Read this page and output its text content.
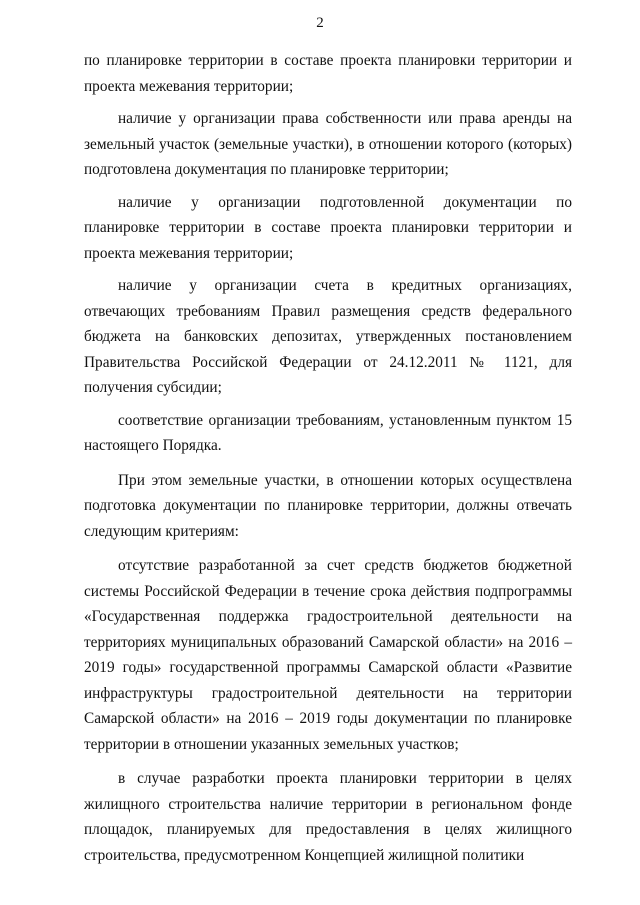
2

по планировке территории в составе проекта планировки территории и проекта межевания территории;

наличие у организации права собственности или права аренды на земельный участок (земельные участки), в отношении которого (которых) подготовлена документация по планировке территории;

наличие у организации подготовленной документации по планировке территории в составе проекта планировки территории и проекта межевания территории;

наличие у организации счета в кредитных организациях, отвечающих требованиям Правил размещения средств федерального бюджета на банковских депозитах, утвержденных постановлением Правительства Российской Федерации от 24.12.2011 № 1121, для получения субсидии;

соответствие организации требованиям, установленным пунктом 15 настоящего Порядка.

При этом земельные участки, в отношении которых осуществлена подготовка документации по планировке территории, должны отвечать следующим критериям:

отсутствие разработанной за счет средств бюджетов бюджетной системы Российской Федерации в течение срока действия подпрограммы «Государственная поддержка градостроительной деятельности на территориях муниципальных образований Самарской области» на 2016 – 2019 годы» государственной программы Самарской области «Развитие инфраструктуры градостроительной деятельности на территории Самарской области» на 2016 – 2019 годы документации по планировке территории в отношении указанных земельных участков;

в случае разработки проекта планировки территории в целях жилищного строительства наличие территории в региональном фонде площадок, планируемых для предоставления в целях жилищного строительства, предусмотренном Концепцией жилищной политики
